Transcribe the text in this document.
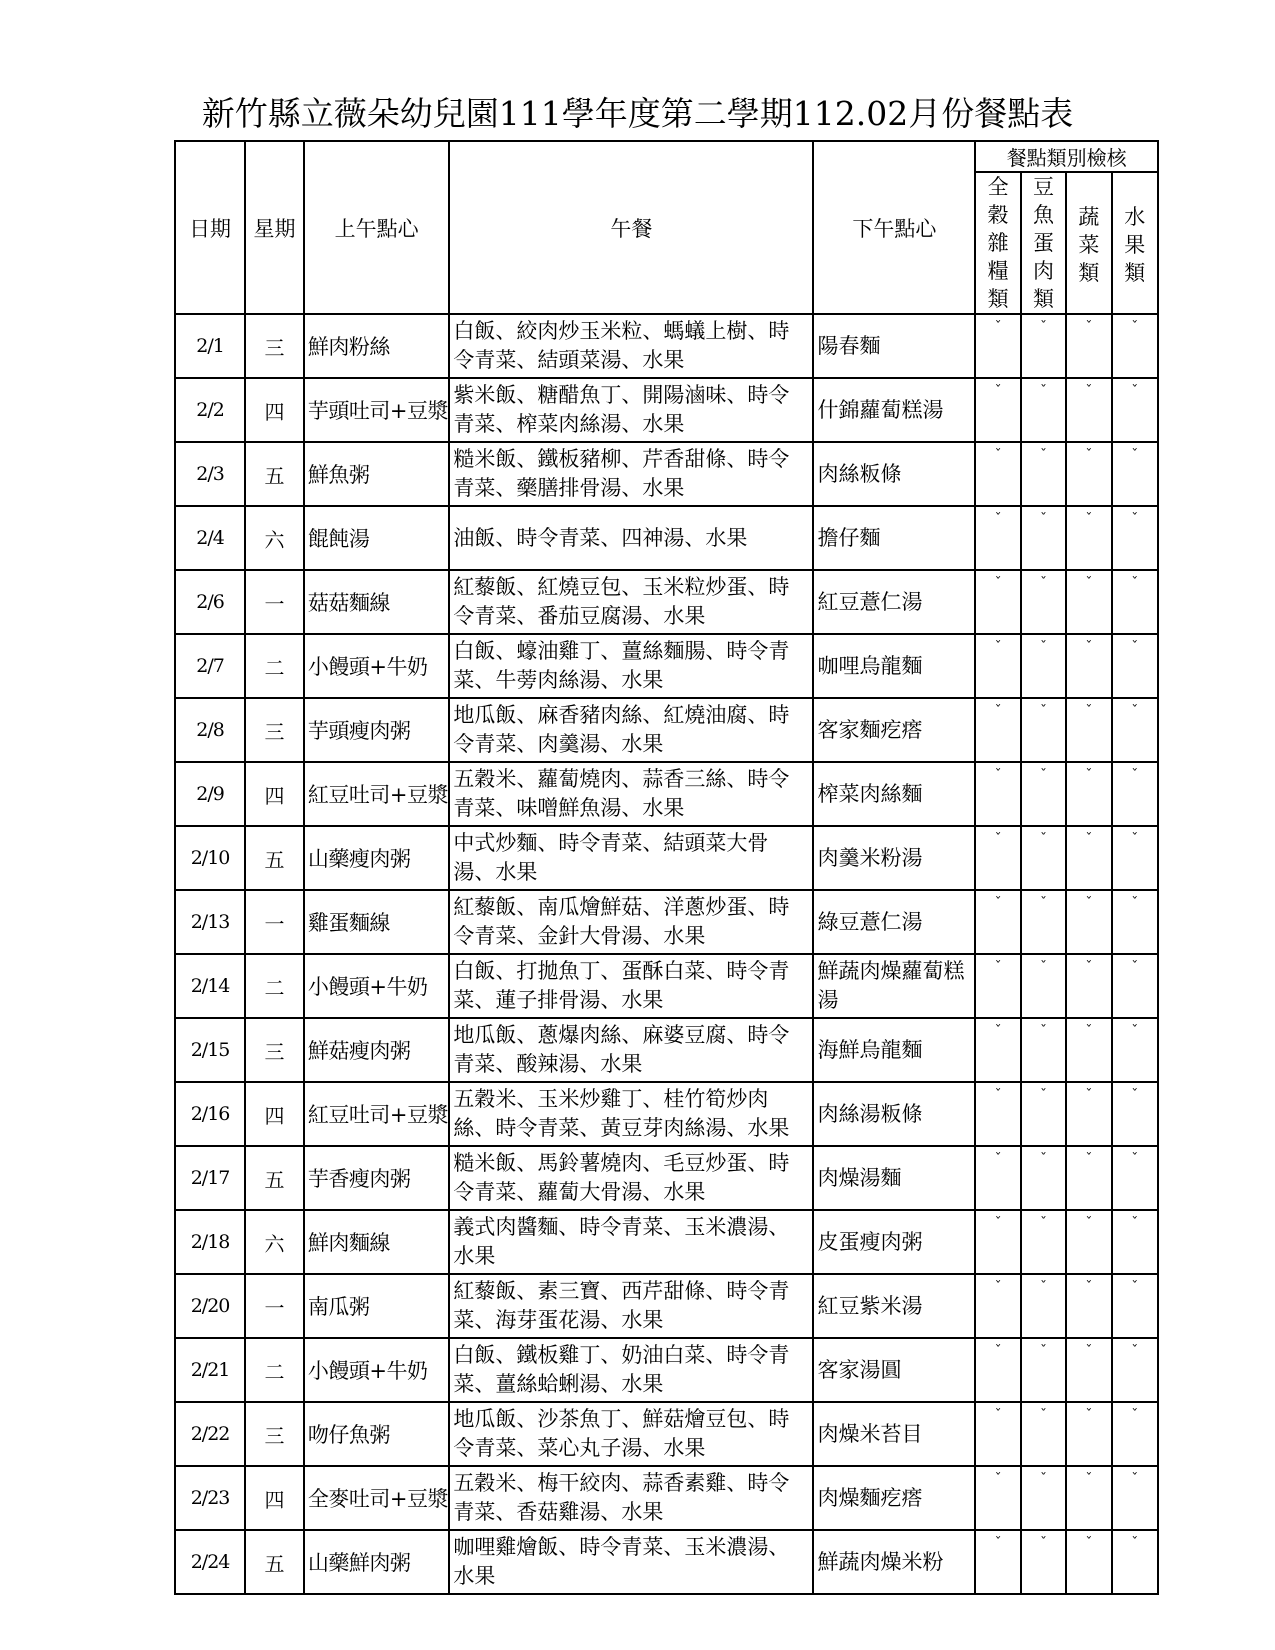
新竹縣立薇朵幼兒園111學年度第二學期112.02月份餐點表
日期	星期	上午點心	午餐	下午點心	餐點類別檢核			
					全穀雜糧類	豆魚蛋肉類	蔬菜類	水果類
2/1	三	鮮肉粉絲	白飯、絞肉炒玉米粒、螞蟻上樹、時令青菜、結頭菜湯、水果	陽春麵	ˇ	ˇ	ˇ	ˇ
2/2	四	芋頭吐司+豆漿	紫米飯、糖醋魚丁、開陽滷味、時令青菜、榨菜肉絲湯、水果	什錦蘿蔔糕湯	ˇ	ˇ	ˇ	ˇ
2/3	五	鮮魚粥	糙米飯、鐵板豬柳、芹香甜條、時令青菜、藥膳排骨湯、水果	肉絲粄條	ˇ	ˇ	ˇ	ˇ
2/4	六	餛飩湯	油飯、時令青菜、四神湯、水果	擔仔麵	ˇ	ˇ	ˇ	ˇ
2/6	一	菇菇麵線	紅藜飯、紅燒豆包、玉米粒炒蛋、時令青菜、番茄豆腐湯、水果	紅豆薏仁湯	ˇ	ˇ	ˇ	ˇ
2/7	二	小饅頭+牛奶	白飯、蠔油雞丁、薑絲麵腸、時令青菜、牛蒡肉絲湯、水果	咖哩烏龍麵	ˇ	ˇ	ˇ	ˇ
2/8	三	芋頭瘦肉粥	地瓜飯、麻香豬肉絲、紅燒油腐、時令青菜、肉羹湯、水果	客家麵疙瘩	ˇ	ˇ	ˇ	ˇ
2/9	四	紅豆吐司+豆漿	五穀米、蘿蔔燒肉、蒜香三絲、時令青菜、味噌鮮魚湯、水果	榨菜肉絲麵	ˇ	ˇ	ˇ	ˇ
2/10	五	山藥瘦肉粥	中式炒麵、時令青菜、結頭菜大骨湯、水果	肉羹米粉湯	ˇ	ˇ	ˇ	ˇ
2/13	一	雞蛋麵線	紅藜飯、南瓜燴鮮菇、洋蔥炒蛋、時令青菜、金針大骨湯、水果	綠豆薏仁湯	ˇ	ˇ	ˇ	ˇ
2/14	二	小饅頭+牛奶	白飯、打拋魚丁、蛋酥白菜、時令青菜、蓮子排骨湯、水果	鮮蔬肉燥蘿蔔糕湯	ˇ	ˇ	ˇ	ˇ
2/15	三	鮮菇瘦肉粥	地瓜飯、蔥爆肉絲、麻婆豆腐、時令青菜、酸辣湯、水果	海鮮烏龍麵	ˇ	ˇ	ˇ	ˇ
2/16	四	紅豆吐司+豆漿	五穀米、玉米炒雞丁、桂竹筍炒肉絲、時令青菜、黃豆芽肉絲湯、水果	肉絲湯粄條	ˇ	ˇ	ˇ	ˇ
2/17	五	芋香瘦肉粥	糙米飯、馬鈴薯燒肉、毛豆炒蛋、時令青菜、蘿蔔大骨湯、水果	肉燥湯麵	ˇ	ˇ	ˇ	ˇ
2/18	六	鮮肉麵線	義式肉醬麵、時令青菜、玉米濃湯、水果	皮蛋瘦肉粥	ˇ	ˇ	ˇ	ˇ
2/20	一	南瓜粥	紅藜飯、素三寶、西芹甜條、時令青菜、海芽蛋花湯、水果	紅豆紫米湯	ˇ	ˇ	ˇ	ˇ
2/21	二	小饅頭+牛奶	白飯、鐵板雞丁、奶油白菜、時令青菜、薑絲蛤蜊湯、水果	客家湯圓	ˇ	ˇ	ˇ	ˇ
2/22	三	吻仔魚粥	地瓜飯、沙茶魚丁、鮮菇燴豆包、時令青菜、菜心丸子湯、水果	肉燥米苔目	ˇ	ˇ	ˇ	ˇ
2/23	四	全麥吐司+豆漿	五穀米、梅干絞肉、蒜香素雞、時令青菜、香菇雞湯、水果	肉燥麵疙瘩	ˇ	ˇ	ˇ	ˇ
2/24	五	山藥鮮肉粥	咖哩雞燴飯、時令青菜、玉米濃湯、水果	鮮蔬肉燥米粉	ˇ	ˇ	ˇ	ˇ
